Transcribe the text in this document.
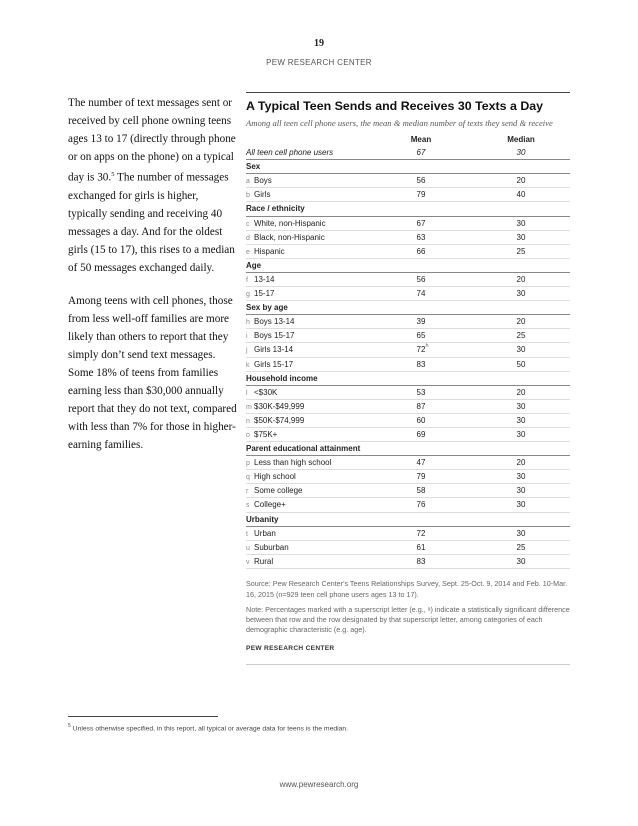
19
PEW RESEARCH CENTER

The number of text messages sent or received by cell phone owning teens ages 13 to 17 (directly through phone or on apps on the phone) on a typical day is 30.$^5$ The number of messages exchanged for girls is higher, typically sending and receiving 40 messages a day. And for the oldest girls (15 to 17), this rises to a median of 50 messages exchanged daily.

Among teens with cell phones, those from less well-off families are more likely than others to report that they simply don’t send text messages. Some 18% of teens from families earning less than $30,000 annually report that they do not text, compared with less than 7% for those in higher-earning families.

A Typical Teen Sends and Receives 30 Texts a Day
Among all teen cell phone users, the mean & median number of texts they send & receive
Mean	Median
All teen cell phone users	67	30
Sex
a Boys	56	20
b Girls	79	40
Race / ethnicity
c White, non-Hispanic	67	30
d Black, non-Hispanic	63	30
e Hispanic	66	25
Age
f 13-14	56	20
g 15-17	74	30
Sex by age
h Boys 13-14	39	20
i Boys 15-17	65	25
j Girls 13-14	72 h	30
k Girls 15-17	83	50
Household income
l <$30K	53	20
m $30K-$49,999	87	30
n $50K-$74,999	60	30
o $75K+	69	30
Parent educational attainment
p Less than high school	47	20
q High school	79	30
r Some college	58	30
s College+	76	30
Urbanity
t Urban	72	30
u Suburban	61	25
v Rural	83	30
Source: Pew Research Center's Teens Relationships Survey, Sept. 25-Oct. 9, 2014 and Feb. 10-Mar. 16, 2015 (n=929 teen cell phone users ages 13 to 17).
Note: Percentages marked with a superscript letter (e.g., ᵃ) indicate a statistically significant difference between that row and the row designated by that superscript letter, among categories of each demographic characteristic (e.g. age).
PEW RESEARCH CENTER
$^5$ Unless otherwise specified, in this report, all typical or average data for teens is the median.
www.pewresearch.org
